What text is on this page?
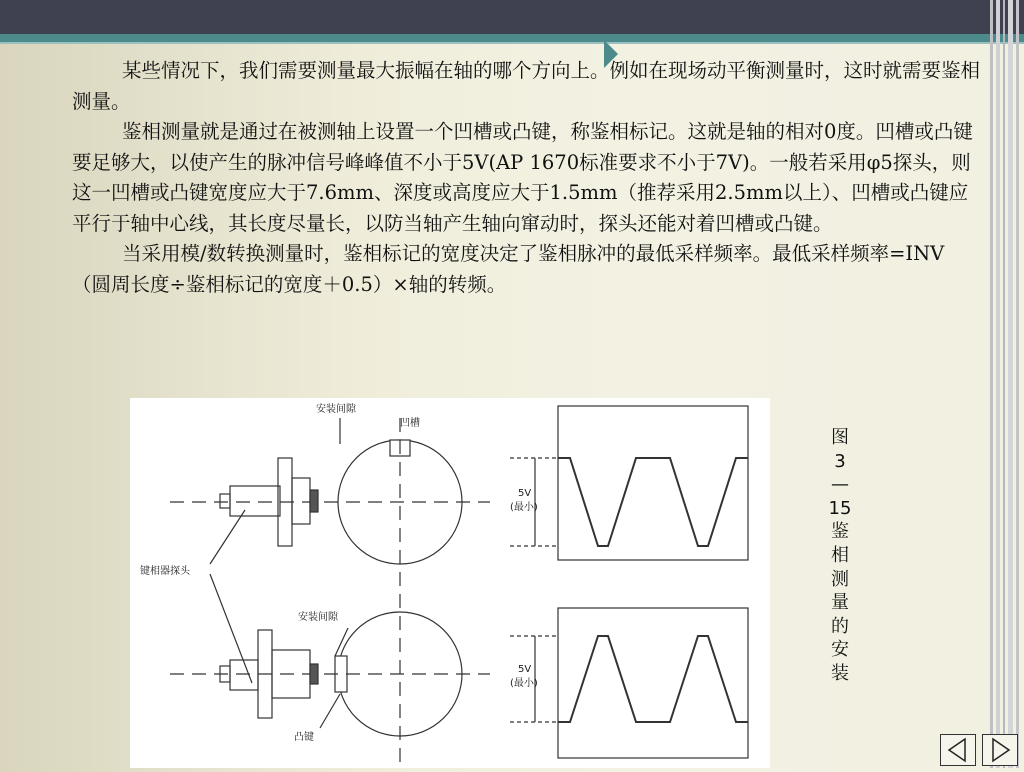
某些情况下，我们需要测量最大振幅在轴的哪个方向上。例如在现场动平衡测量时，这时就需要鉴相测量。

鉴相测量就是通过在被测轴上设置一个凹槽或凸键，称鉴相标记。这就是轴的相对0度。凹槽或凸键要足够大，以使产生的脉冲信号峰峰值不小于5V(AP 1670标准要求不小于7V)。一般若采用φ5探头，则这一凹槽或凸键宽度应大于7.6mm、深度或高度应大于1.5mm（推荐采用2.5mm以上）、凹槽或凸键应平行于轴中心线，其长度尽量长，以防当轴产生轴向窜动时，探头还能对着凹槽或凸键。

当采用模/数转换测量时，鉴相标记的宽度决定了鉴相脉冲的最低采样频率。最低采样频率=INV（圆周长度÷鉴相标记的宽度＋0.5）×轴的转频。

安装间隙
凹槽
键相器探头
安装间隙
凸键
5V
(最小)
5V
(最小)
图
3
—
15
鉴
相
测
量
的
安
装
